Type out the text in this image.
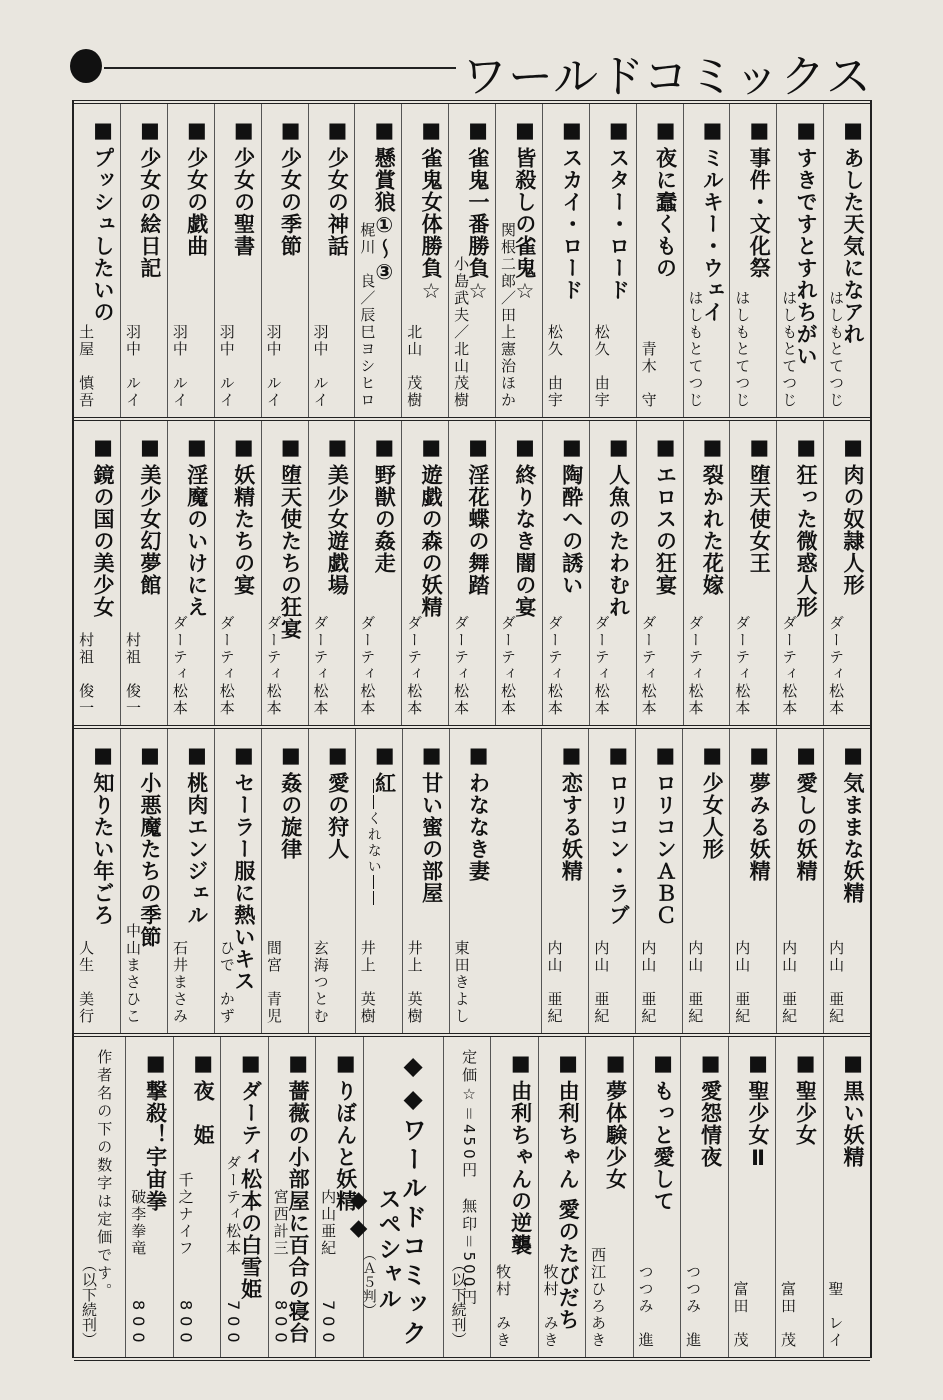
ワールドコミックス
■ あした天気になアれ
はしもとてつじ
■ すきですとすれちがい
はしもとてつじ
■ 事件・文化祭
はしもとてつじ
■ ミルキー・ウェイ
はしもとてつじ
■ 夜に蠢くもの
青木　守
■ スター・ロード
松久　由宇
■ スカイ・ロード
松久　由宇
■ 皆殺しの雀鬼☆
関根二郎／田上憲治ほか
■ 雀鬼一番勝負☆
小島武夫／北山茂樹
■ 雀鬼女体勝負☆
北山　茂樹
■ 懸賞狼①〜③
梶川　良／辰巳ヨシヒロ
■ 少女の神話
羽中　ルイ
■ 少女の季節
羽中　ルイ
■ 少女の聖書
羽中　ルイ
■ 少女の戯曲
羽中　ルイ
■ 少女の絵日記
羽中　ルイ
■ プッシュしたいの
土屋　慎吾
■ 肉の奴隷人形
ダーティ松本
■ 狂った微惑人形
ダーティ松本
■ 堕天使女王
ダーティ松本
■ 裂かれた花嫁
ダーティ松本
■ エロスの狂宴
ダーティ松本
■ 人魚のたわむれ
ダーティ松本
■ 陶酔への誘い
ダーティ松本
■ 終りなき闇の宴
ダーティ松本
■ 淫花蝶の舞踏
ダーティ松本
■ 遊戯の森の妖精
ダーティ松本
■ 野獣の姦走
ダーティ松本
■ 美少女遊戯場
ダーティ松本
■ 堕天使たちの狂宴
ダーティ松本
■ 妖精たちの宴
ダーティ松本
■ 淫魔のいけにえ
ダーティ松本
■ 美少女幻夢館
村祖　俊一
■ 鏡の国の美少女
村祖　俊一
■ 気ままな妖精
内山　亜紀
■ 愛しの妖精
内山　亜紀
■ 夢みる妖精
内山　亜紀
■ 少女人形
内山　亜紀
■ ロリコンＡＢＣ
内山　亜紀
■ ロリコン・ラブ
内山　亜紀
■ 恋する妖精
内山　亜紀
■ わななき妻
東田きよし
■ 甘い蜜の部屋
井上　英樹
■ 紅
――くれない――
井上　英樹
■ 愛の狩人
玄海つとむ
■ 姦の旋律
間宮　青児
■ セーラー服に熱いキス
ひで　かず
■ 桃肉エンジェル
石井まさみ
■ 小悪魔たちの季節
中山まさひこ
■ 知りたい年ごろ
人生　美行
■ 黒い妖精
聖　レイ
■ 聖少女
富田　茂
■ 聖少女Ⅱ
富田　茂
■ 愛怨情夜
つつみ　進
■ もっと愛して
つつみ　進
■ 夢体験少女
西江ひろあき
■ 由利ちゃん 愛のたびだち
牧村　みき
■ 由利ちゃんの逆襲
牧村　みき
定価☆＝450円　無印＝500円
（以下続刊）
◆◆ワールドコミック
スペシャル◆◆
（Ａ５判）
■ りぼんと妖精
内山亜紀
700
■ 薔薇の小部屋に百合の寝台
宮西計三
800
■ ダーティ松本の白雪姫
ダーティ松本
700
■ 夜　姫
千之ナイフ
800
■ 撃殺！宇宙拳
破李拳竜
800
作者名の下の数字は定価です。
（以下続刊）
